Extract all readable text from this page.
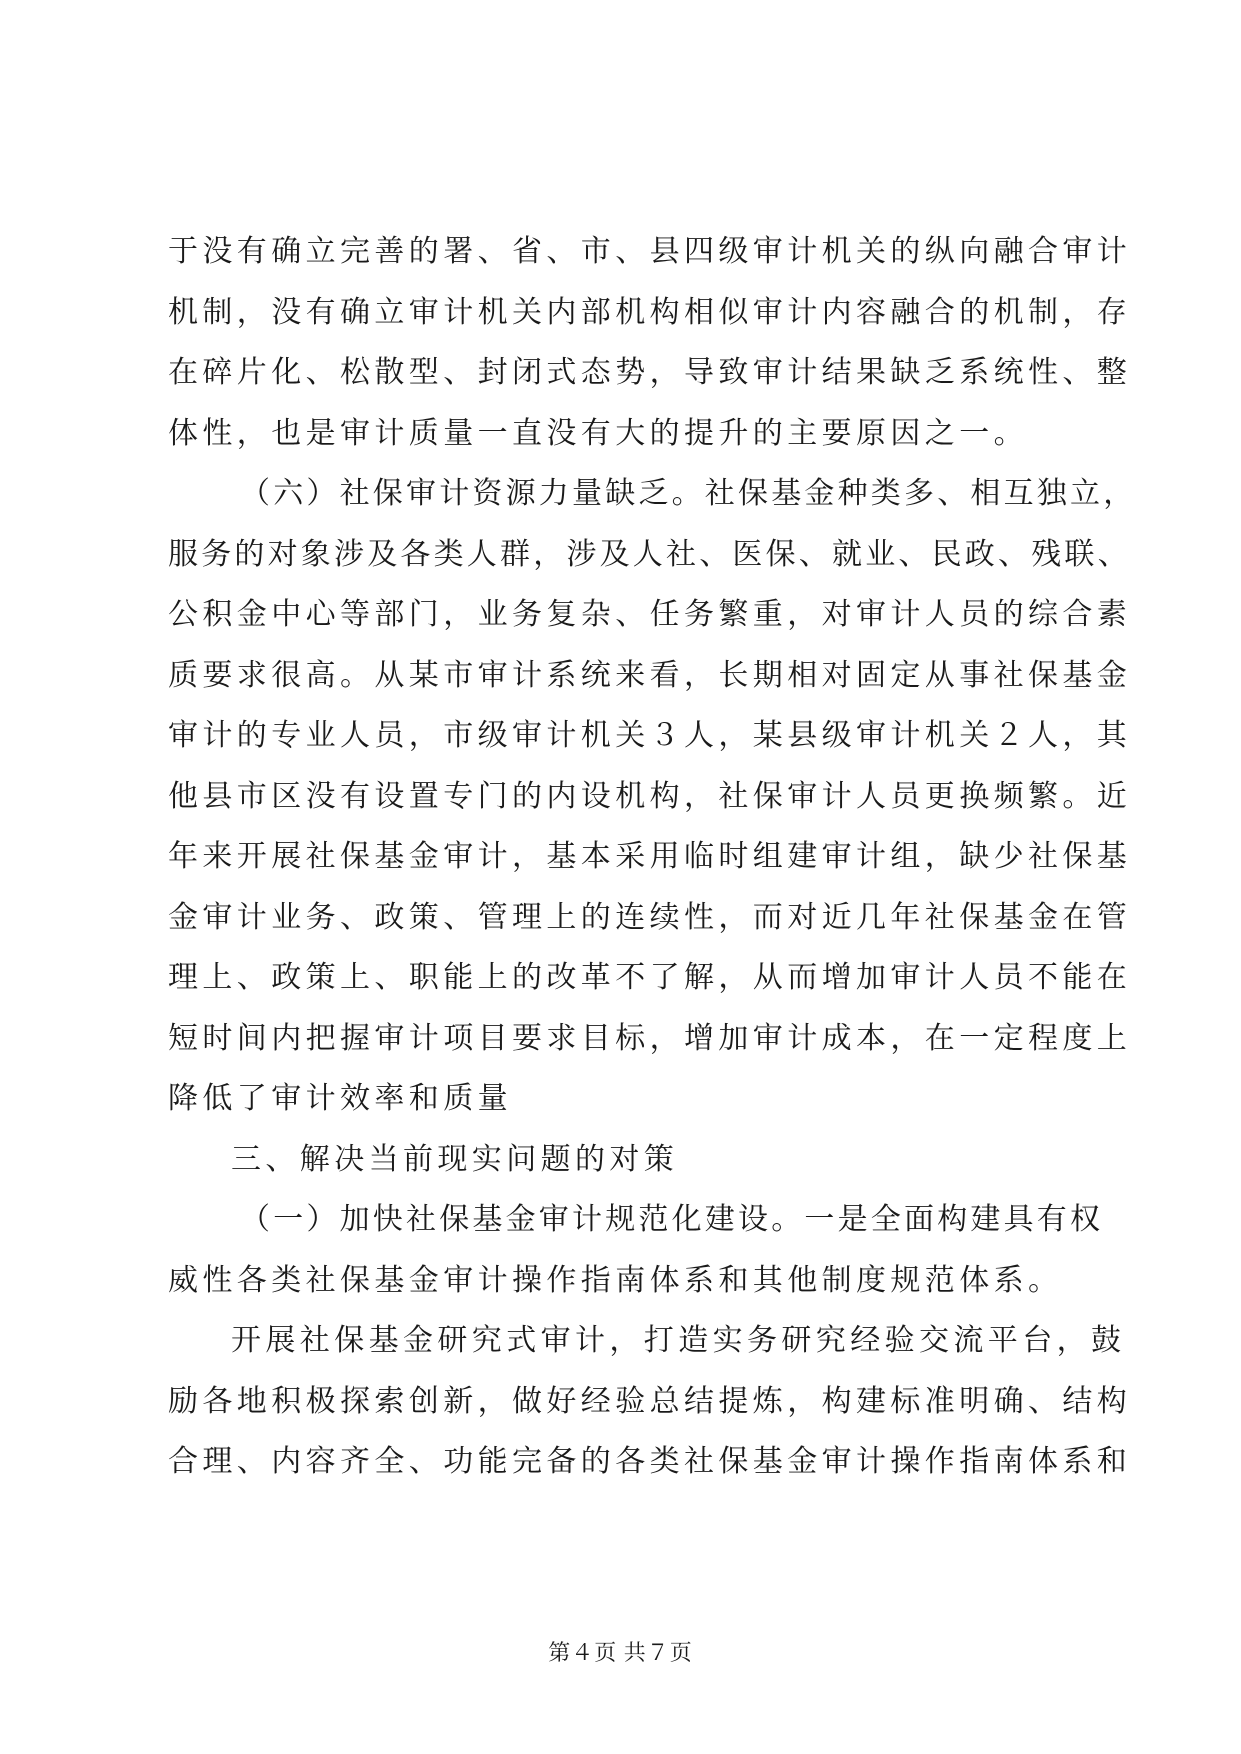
于没有确立完善的署、省、市、县四级审计机关的纵向融合审计
机制，没有确立审计机关内部机构相似审计内容融合的机制，存
在碎片化、松散型、封闭式态势，导致审计结果缺乏系统性、整
体性，也是审计质量一直没有大的提升的主要原因之一。
（六）社保审计资源力量缺乏。社保基金种类多、相互独立，
服务的对象涉及各类人群，涉及人社、医保、就业、民政、残联、
公积金中心等部门，业务复杂、任务繁重，对审计人员的综合素
质要求很高。从某市审计系统来看，长期相对固定从事社保基金
审计的专业人员，市级审计机关３人，某县级审计机关２人，其
他县市区没有设置专门的内设机构，社保审计人员更换频繁。近
年来开展社保基金审计，基本采用临时组建审计组，缺少社保基
金审计业务、政策、管理上的连续性，而对近几年社保基金在管
理上、政策上、职能上的改革不了解，从而增加审计人员不能在
短时间内把握审计项目要求目标，增加审计成本，在一定程度上
降低了审计效率和质量
三、解决当前现实问题的对策
（一）加快社保基金审计规范化建设。一是全面构建具有权
威性各类社保基金审计操作指南体系和其他制度规范体系。
开展社保基金研究式审计，打造实务研究经验交流平台，鼓
励各地积极探索创新，做好经验总结提炼，构建标准明确、结构
合理、内容齐全、功能完备的各类社保基金审计操作指南体系和
第４页 共７页
